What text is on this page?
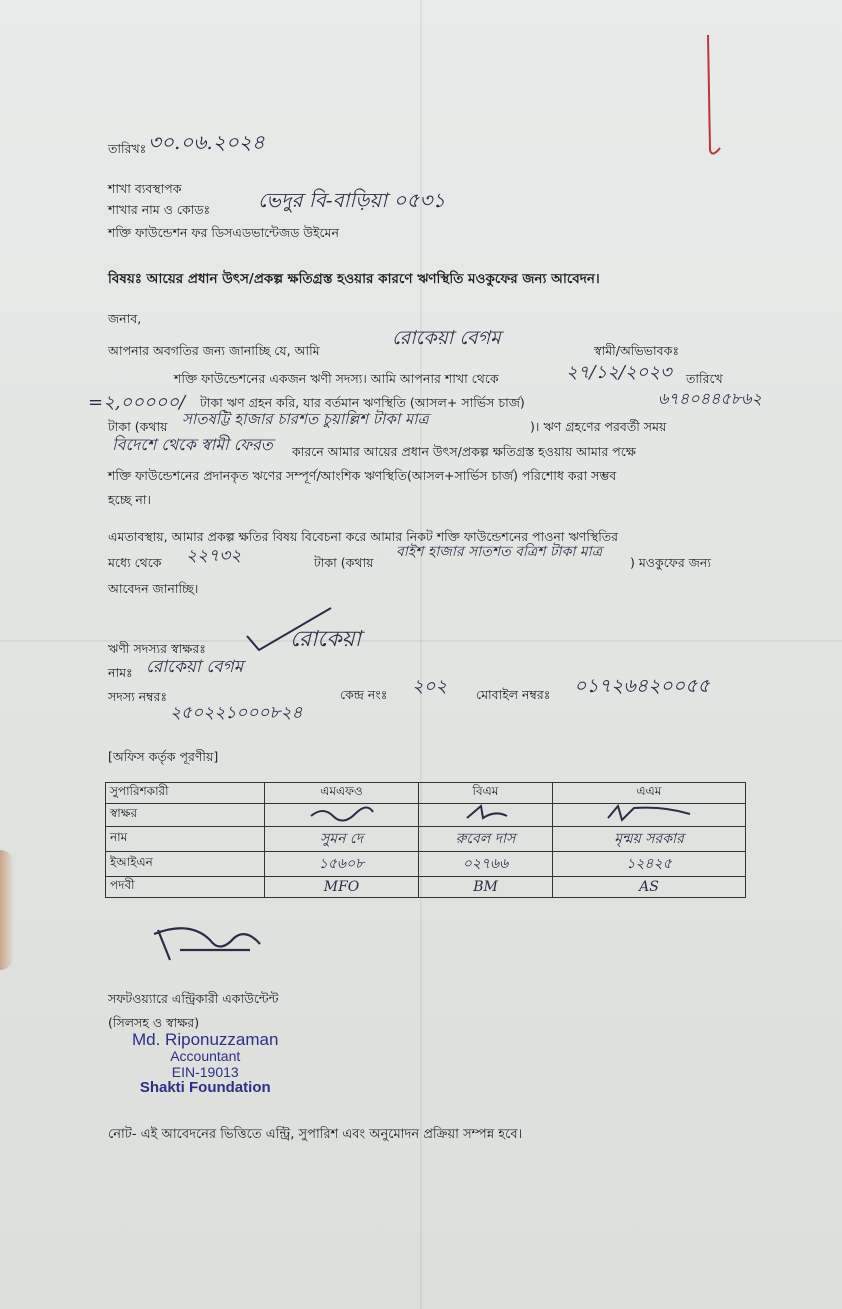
তারিখঃ ৩০.০৬.২০২৪
শাখা ব্যবস্থাপক
শাখার নাম ও কোডঃ ভেদুর বি-বাড়িয়া ০৫৩১
শক্তি ফাউন্ডেশন ফর ডিসএডভান্টেজড উইমেন
বিষয়ঃ আয়ের প্রধান উৎস/প্রকল্প ক্ষতিগ্রস্ত হওয়ার কারণে ঋণস্থিতি মওকুফের জন্য আবেদন।
জনাব,
আপনার অবগতির জন্য জানাচ্ছি যে, আমি
রোকেয়া বেগম
স্বামী/অভিভাবকঃ
শক্তি ফাউন্ডেশনের একজন ঋণী সদস্য। আমি আপনার শাখা থেকে	২৭/১২/২০২৩ তারিখে
=২,০০০০০/ টাকা ঋণ গ্রহন করি, যার বর্তমান ঋণস্থিতি (আসল+ সার্ভিস চার্জ)	৬৭৪০৪৪৫৮৬২
টাকা (কথায় সাতষট্টি হাজার চারশত চুয়াল্লিশ টাকা মাত্র	)। ঋণ গ্রহণের পরবর্তী সময়
বিদেশে থেকে স্বামী ফেরত কারনে আমার আয়ের প্রধান উৎস/প্রকল্প ক্ষতিগ্রস্ত হওয়ায় আমার পক্ষে
শক্তি ফাউন্ডেশনের প্রদানকৃত ঋণের সম্পূর্ণ/আংশিক ঋণস্থিতি(আসল+সার্ভিস চার্জ) পরিশোধ করা সম্ভব
হচ্ছে না।
এমতাবস্থায়, আমার প্রকল্প ক্ষতির বিষয় বিবেচনা করে আমার নিকট শক্তি ফাউন্ডেশনের পাওনা ঋণস্থিতির
মধ্যে থেকে ২২৭৩২	টাকা (কথায়
বাইশ হাজার সাতশত বত্রিশ টাকা মাত্র
) মওকুফের জন্য
আবেদন জানাচ্ছি।
ঋণী সদস্যর স্বাক্ষরঃ	রোকেয়া
নামঃ রোকেয়া বেগম
সদস্য নম্বরঃ
২৫০২২১০০০৮২৪
কেন্দ্র নংঃ ২০২ মোবাইল নম্বরঃ ০১৭২৬৪২০০৫৫
[অফিস কর্তৃক পূরণীয়]
সুপারিশকারী	এমএফও	বিএম	এএম
স্বাক্ষর			
নাম	সুমন দে	রুবেল দাস	মৃন্ময় সরকার
ইআইএন	১৫৬০৮	০২৭৬৬	১২৪২৫
পদবী	MFO	BM	AS
সফটওয়্যারে এন্ট্রিকারী একাউন্টেন্ট
(সিলসহ ও স্বাক্ষর)
Md. Riponuzzaman
Accountant
EIN-19013
Shakti Foundation
নোট- এই আবেদনের ভিত্তিতে এন্ট্রি, সুপারিশ এবং অনুমোদন প্রক্রিয়া সম্পন্ন হবে।
